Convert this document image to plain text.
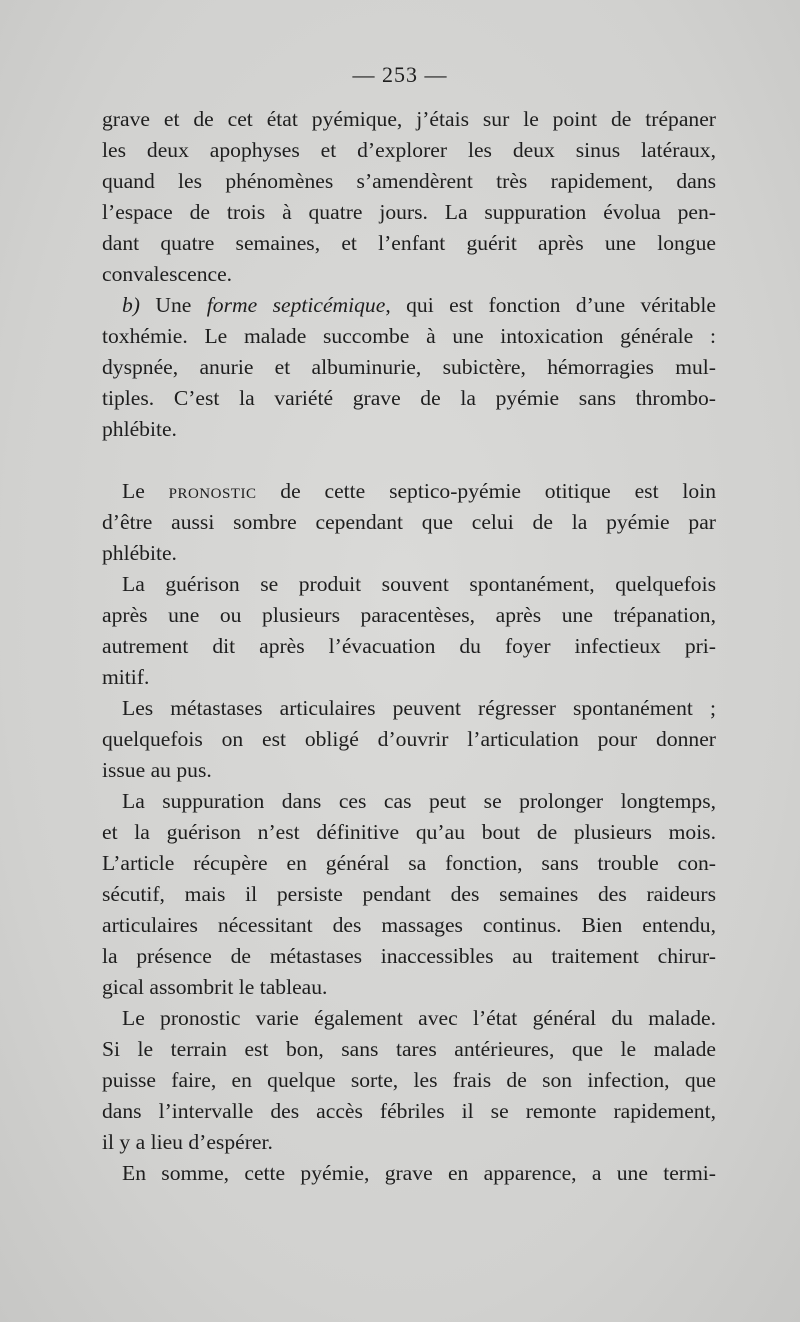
— 253 —
grave et de cet état pyémique, j’étais sur le point de trépaner
les deux apophyses et d’explorer les deux sinus latéraux,
quand les phénomènes s’amendèrent très rapidement, dans
l’espace de trois à quatre jours. La suppuration évolua pen-
dant quatre semaines, et l’enfant guérit après une longue
convalescence.
b) Une forme septicémique, qui est fonction d’une véritable
toxhémie. Le malade succombe à une intoxication générale :
dyspnée, anurie et albuminurie, subictère, hémorragies mul-
tiples. C’est la variété grave de la pyémie sans thrombo-
phlébite.
Le pronostic de cette septico-pyémie otitique est loin
d’être aussi sombre cependant que celui de la pyémie par
phlébite.
La guérison se produit souvent spontanément, quelquefois
après une ou plusieurs paracentèses, après une trépanation,
autrement dit après l’évacuation du foyer infectieux pri-
mitif.
Les métastases articulaires peuvent régresser spontanément ;
quelquefois on est obligé d’ouvrir l’articulation pour donner
issue au pus.
La suppuration dans ces cas peut se prolonger longtemps,
et la guérison n’est définitive qu’au bout de plusieurs mois.
L’article récupère en général sa fonction, sans trouble con-
sécutif, mais il persiste pendant des semaines des raideurs
articulaires nécessitant des massages continus. Bien entendu,
la présence de métastases inaccessibles au traitement chirur-
gical assombrit le tableau.
Le pronostic varie également avec l’état général du malade.
Si le terrain est bon, sans tares antérieures, que le malade
puisse faire, en quelque sorte, les frais de son infection, que
dans l’intervalle des accès fébriles il se remonte rapidement,
il y a lieu d’espérer.
En somme, cette pyémie, grave en apparence, a une termi-
